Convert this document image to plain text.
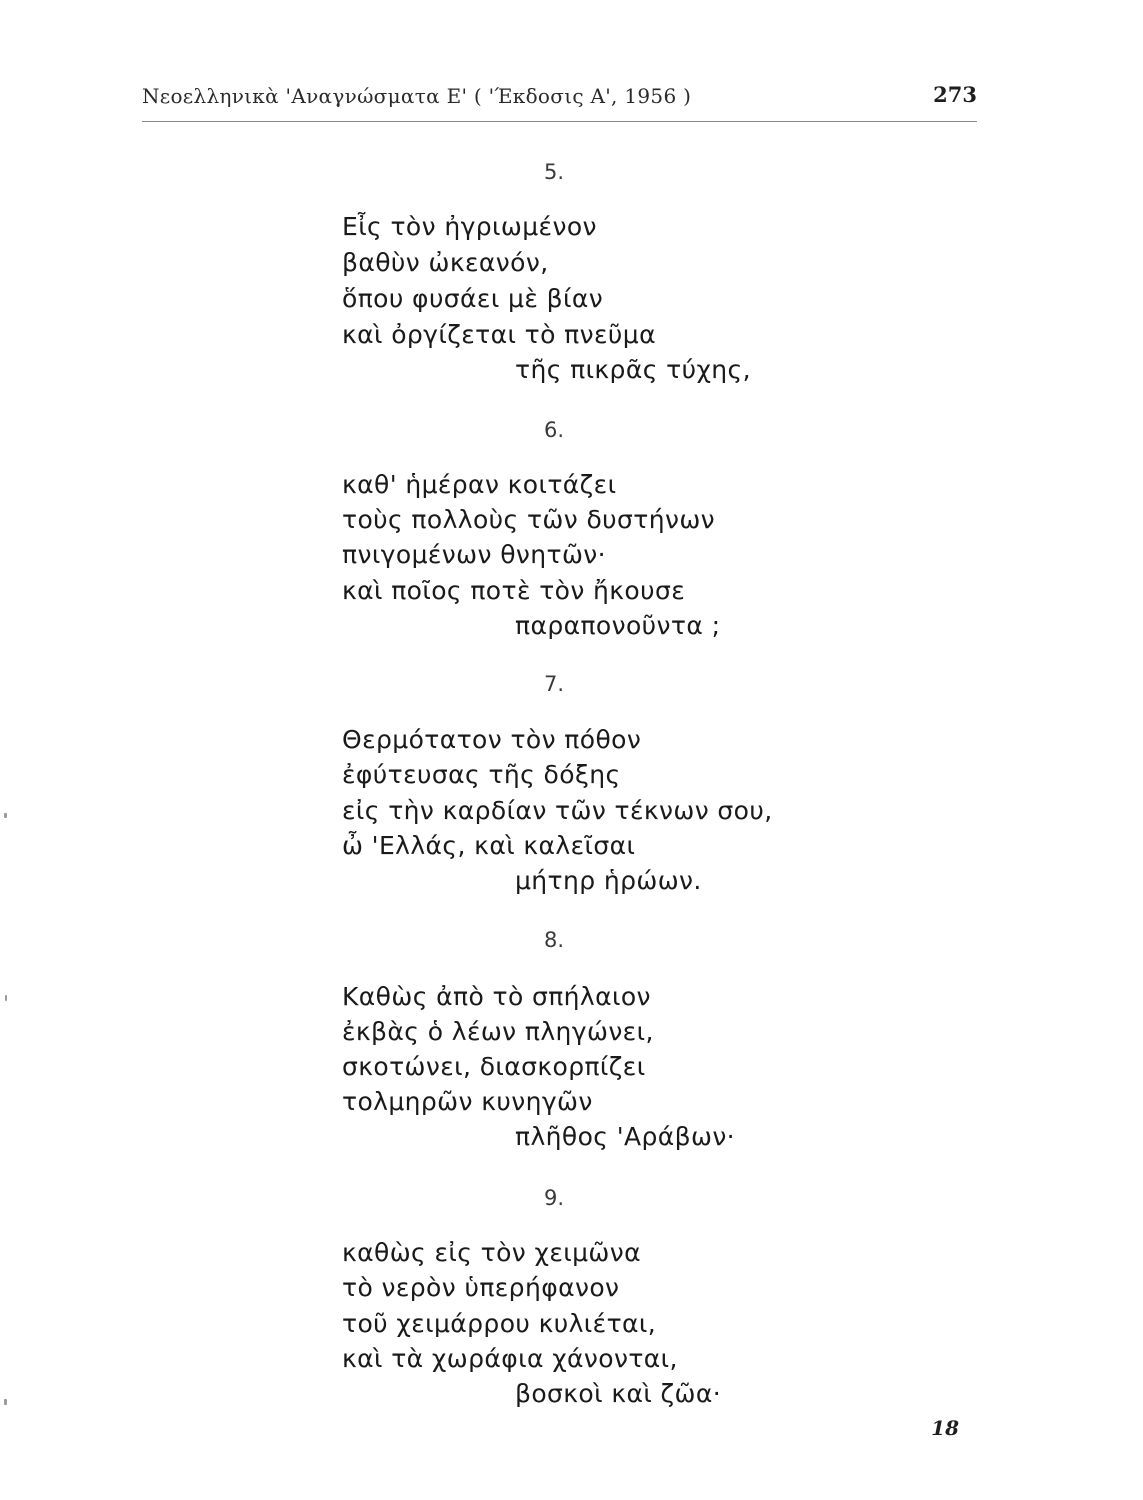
Νεοελληνικὰ 'Αναγνώσματα Ε' ( 'Έκδοσις Α', 1956 )	273
5.
Εἶς τὸν ἠγριωμένον
βαθὺν ὠκεανόν,
ὅπου φυσάει μὲ βίαν
καὶ ὀργίζεται τὸ πνεῦμα
τῆς πικρᾶς τύχης,
6.
καθ' ἡμέραν κοιτάζει
τοὺς πολλοὺς τῶν δυστήνων
πνιγομένων θνητῶν·
καὶ ποῖος ποτὲ τὸν ἤκουσε
παραπονοῦντα ;
7.
Θερμότατον τὸν πόθον
ἐφύτευσας τῆς δόξης
εἰς τὴν καρδίαν τῶν τέκνων σου,
ὦ 'Ελλάς, καὶ καλεῖσαι
μήτηρ ἡρώων.
8.
Καθὼς ἀπὸ τὸ σπήλαιον
ἐκβὰς ὁ λέων πληγώνει,
σκοτώνει, διασκορπίζει
τολμηρῶν κυνηγῶν
πλῆθος 'Αράβων·
9.
καθὼς εἰς τὸν χειμῶνα
τὸ νερὸν ὑπερήφανον
τοῦ χειμάρρου κυλιέται,
καὶ τὰ χωράφια χάνονται,
βοσκοὶ καὶ ζῶα·
18
